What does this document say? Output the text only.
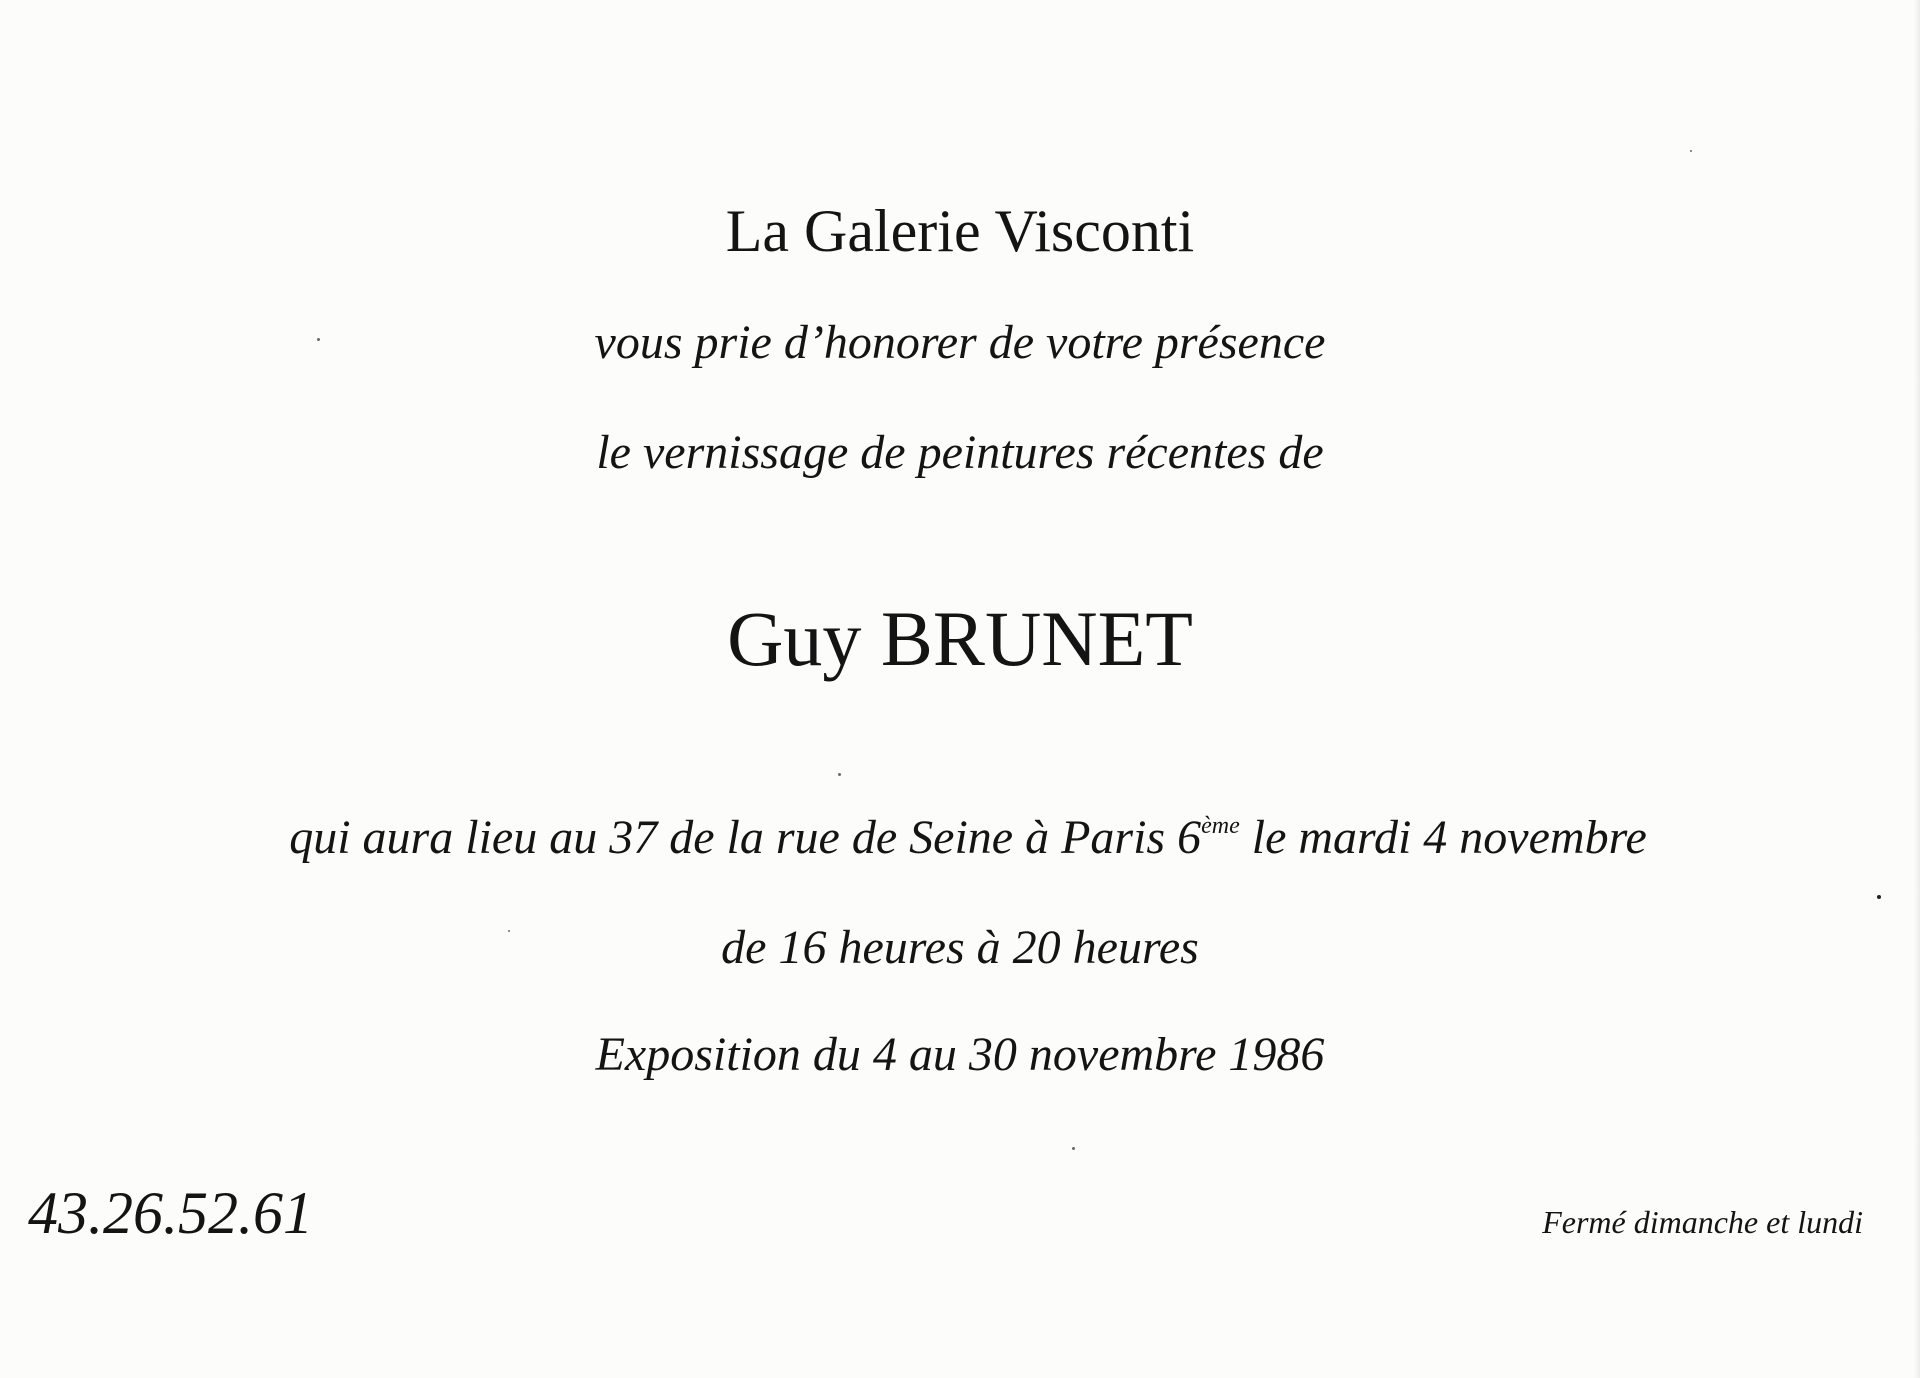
La Galerie Visconti
vous prie d’honorer de votre présence
le vernissage de peintures récentes de
Guy BRUNET
qui aura lieu au 37 de la rue de Seine à Paris 6ème le mardi 4 novembre
de 16 heures à 20 heures
Exposition du 4 au 30 novembre 1986
43.26.52.61	Fermé dimanche et lundi
